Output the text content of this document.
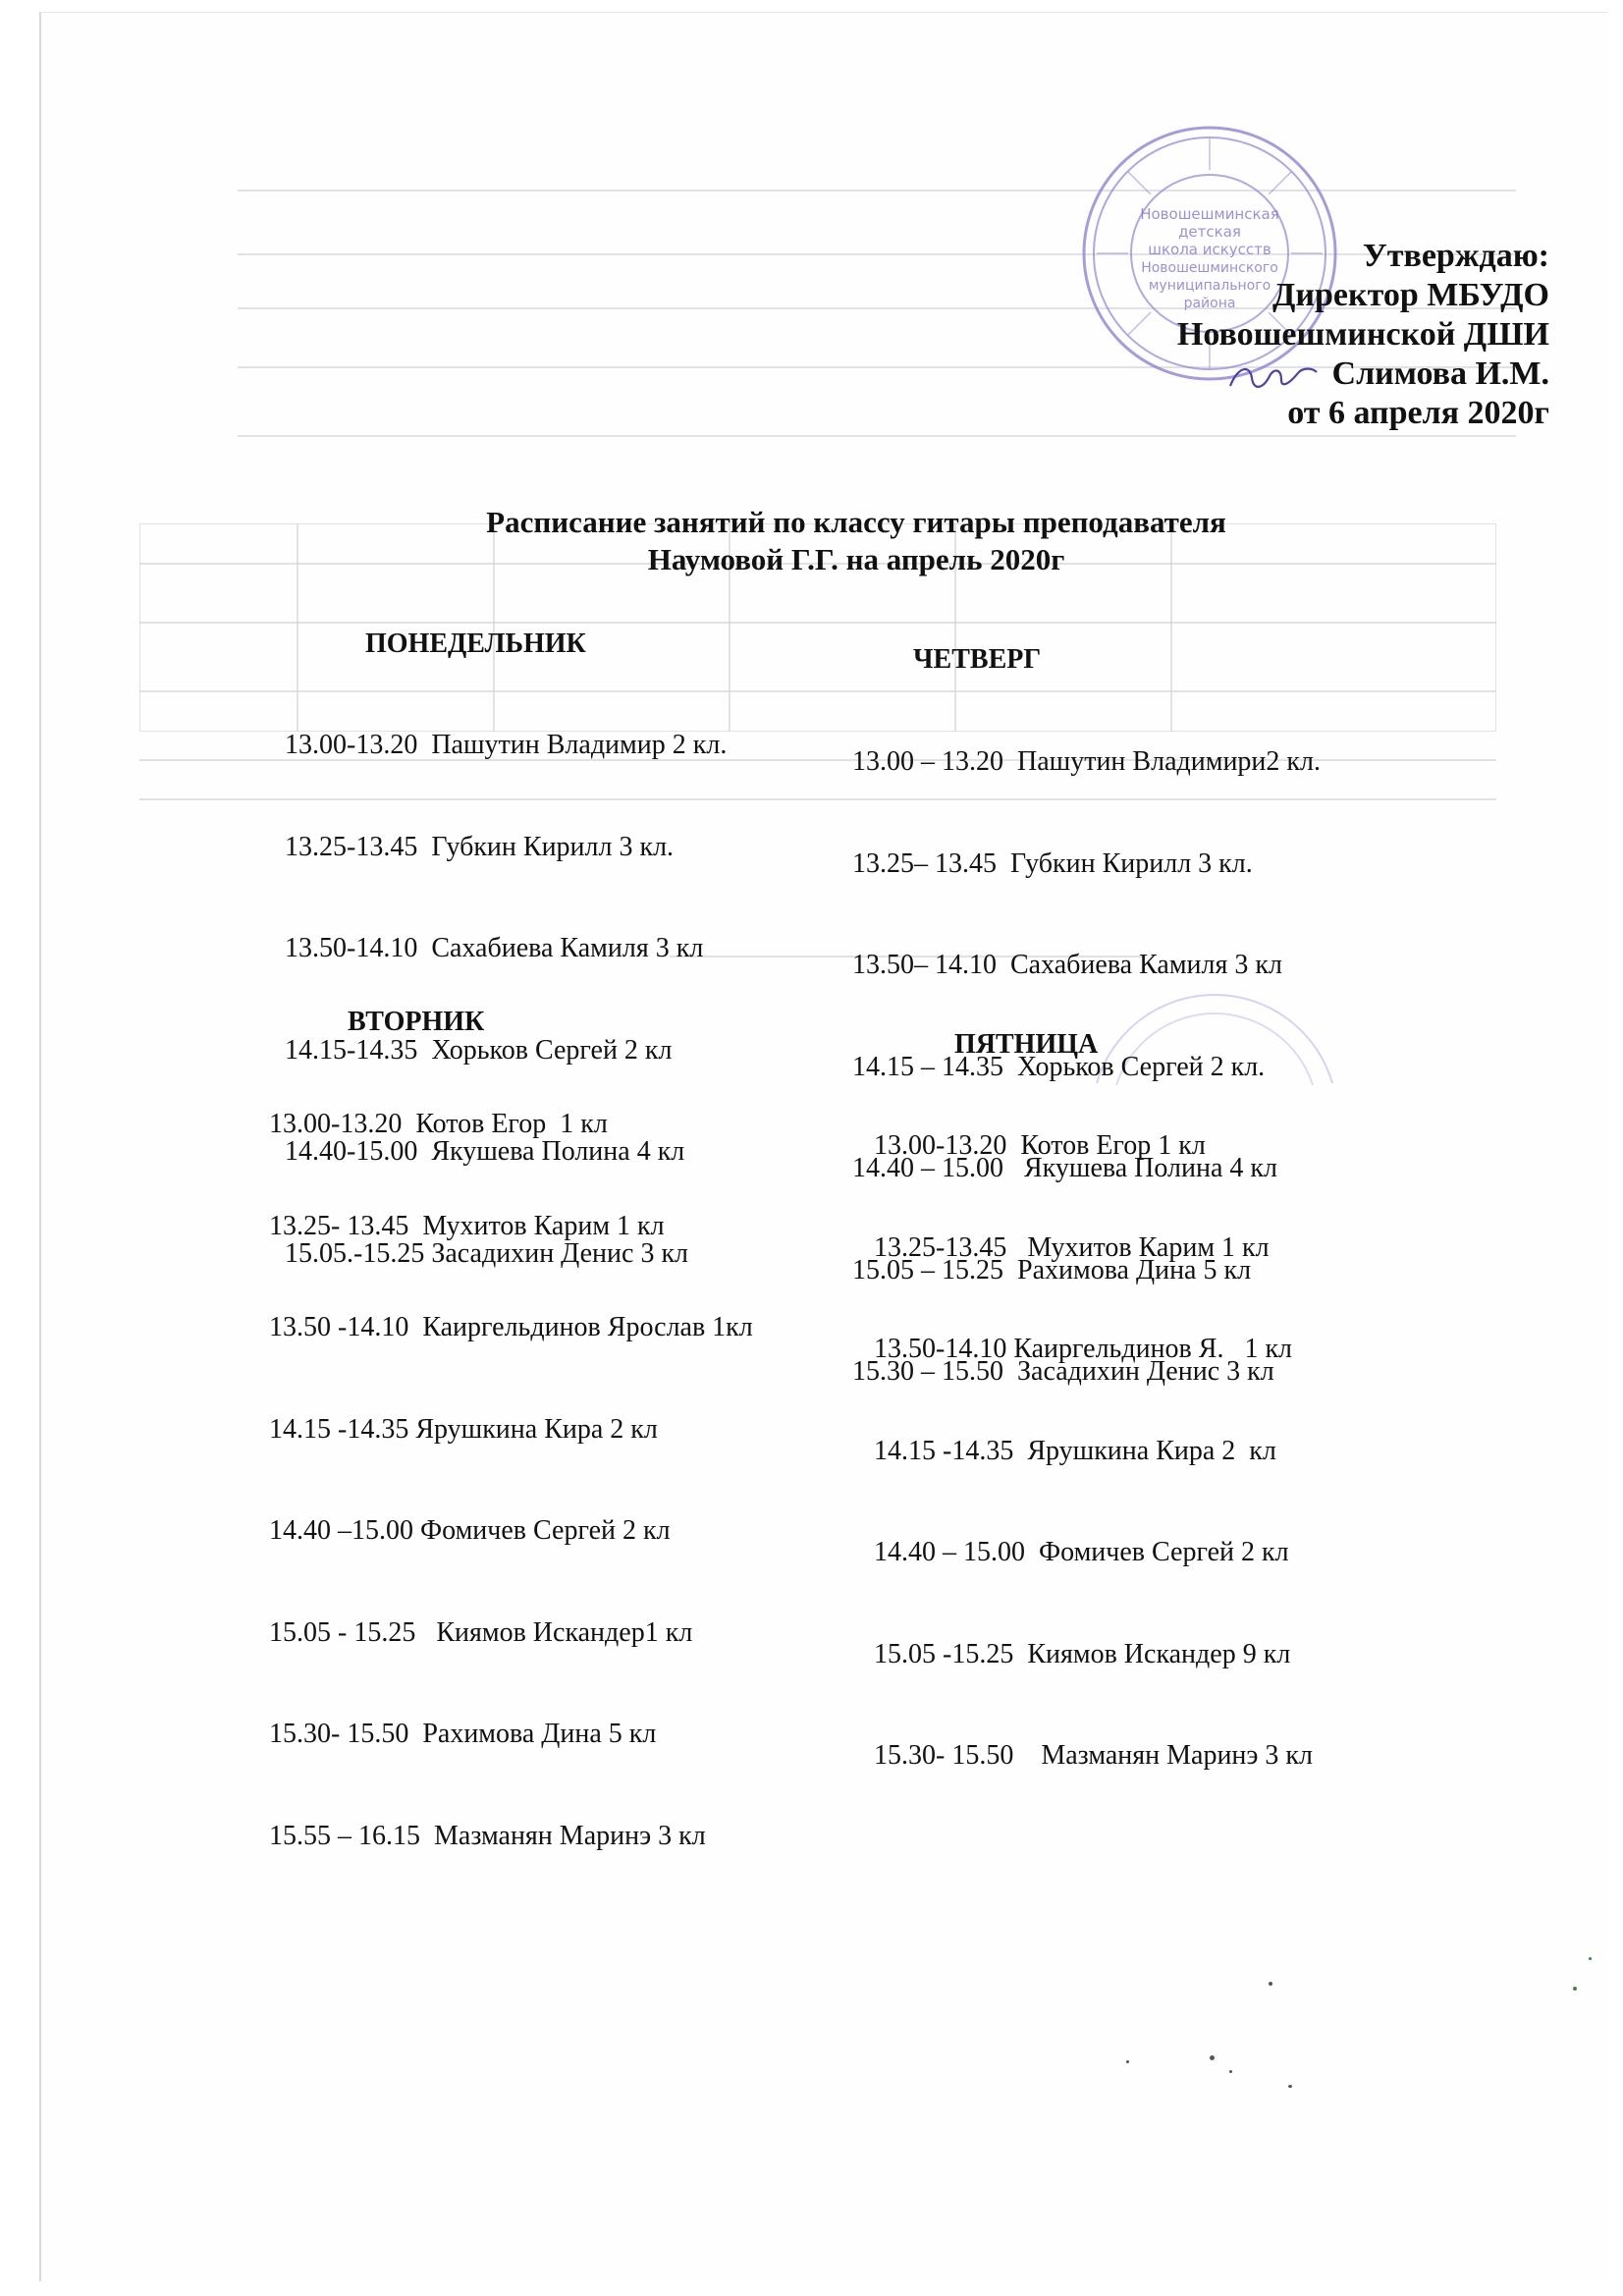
Новошешминская
детская
школа искусств
Новошешминского
муниципального
района
Утверждаю:
Директор МБУДО
Новошешминской ДШИ
Слимова И.М.
от 6 апреля 2020г
Расписание занятий по классу гитары преподавателя
Наумовой Г.Г. на апрель 2020г
ПОНЕДЕЛЬНИК

13.00-13.20  Пашутин Владимир 2 кл.

13.25-13.45  Губкин Кирилл 3 кл.

13.50-14.10  Сахабиева Камиля 3 кл

14.15-14.35  Хорьков Сергей 2 кл

14.40-15.00  Якушева Полина 4 кл

15.05.-15.25 Засадихин Денис 3 кл

ЧЕТВЕРГ

13.00 – 13.20  Пашутин Владимири2 кл.

13.25– 13.45  Губкин Кирилл 3 кл.

13.50– 14.10  Сахабиева Камиля 3 кл

14.15 – 14.35  Хорьков Сергей 2 кл.

14.40 – 15.00   Якушева Полина 4 кл

15.05 – 15.25  Рахимова Дина 5 кл

15.30 – 15.50  Засадихин Денис 3 кл

ВТОРНИК

13.00-13.20  Котов Егор  1 кл

13.25- 13.45  Мухитов Карим 1 кл

13.50 -14.10  Каиргельдинов Ярослав 1кл

14.15 -14.35 Ярушкина Кира 2 кл

14.40 –15.00 Фомичев Сергей 2 кл

15.05 - 15.25   Киямов Искандер1 кл

15.30- 15.50  Рахимова Дина 5 кл

15.55 – 16.15  Мазманян Маринэ 3 кл

ПЯТНИЦА

13.00-13.20  Котов Егор 1 кл

13.25-13.45   Мухитов Карим 1 кл

13.50-14.10 Каиргельдинов Я.   1 кл

14.15 -14.35  Ярушкина Кира 2  кл

14.40 – 15.00  Фомичев Сергей 2 кл

15.05 -15.25  Киямов Искандер 9 кл

15.30- 15.50    Мазманян Маринэ 3 кл
